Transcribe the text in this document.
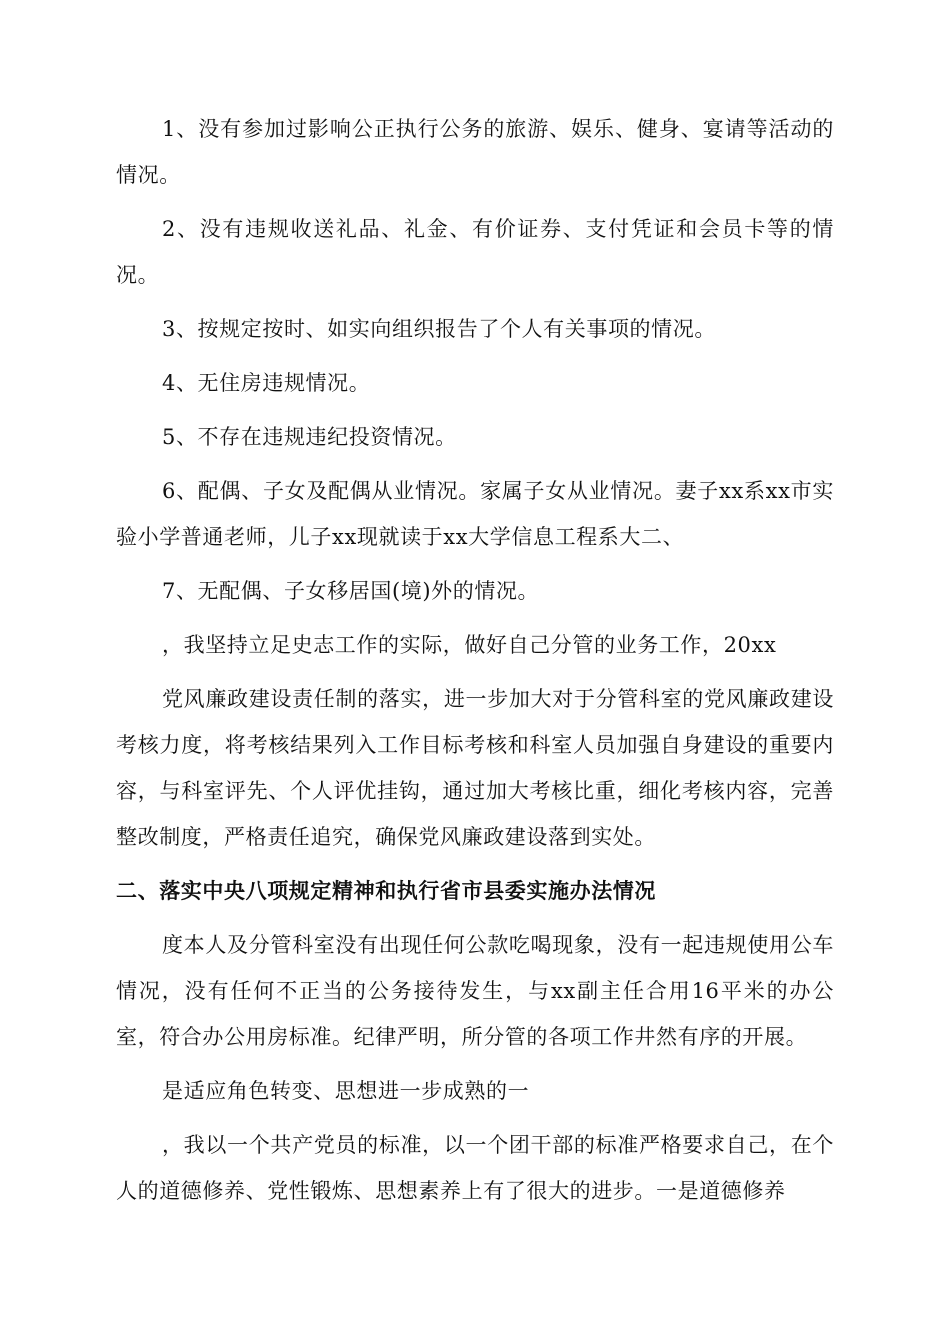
1、没有参加过影响公正执行公务的旅游、娱乐、健身、宴请等活动的情况。

2、没有违规收送礼品、礼金、有价证券、支付凭证和会员卡等的情况。

3、按规定按时、如实向组织报告了个人有关事项的情况。

4、无住房违规情况。

5、不存在违规违纪投资情况。

6、配偶、子女及配偶从业情况。家属子女从业情况。妻子xx系xx市实验小学普通老师，儿子xx现就读于xx大学信息工程系大二、

7、无配偶、子女移居国(境)外的情况。

，我坚持立足史志工作的实际，做好自己分管的业务工作，20xx

党风廉政建设责任制的落实，进一步加大对于分管科室的党风廉政建设考核力度，将考核结果列入工作目标考核和科室人员加强自身建设的重要内容，与科室评先、个人评优挂钩，通过加大考核比重，细化考核内容，完善整改制度，严格责任追究，确保党风廉政建设落到实处。

二、落实中央八项规定精神和执行省市县委实施办法情况

度本人及分管科室没有出现任何公款吃喝现象，没有一起违规使用公车情况，没有任何不正当的公务接待发生，与xx副主任合用16平米的办公室，符合办公用房标准。纪律严明，所分管的各项工作井然有序的开展。

是适应角色转变、思想进一步成熟的一

，我以一个共产党员的标准，以一个团干部的标准严格要求自己，在个人的道德修养、党性锻炼、思想素养上有了很大的进步。一是道德修养
